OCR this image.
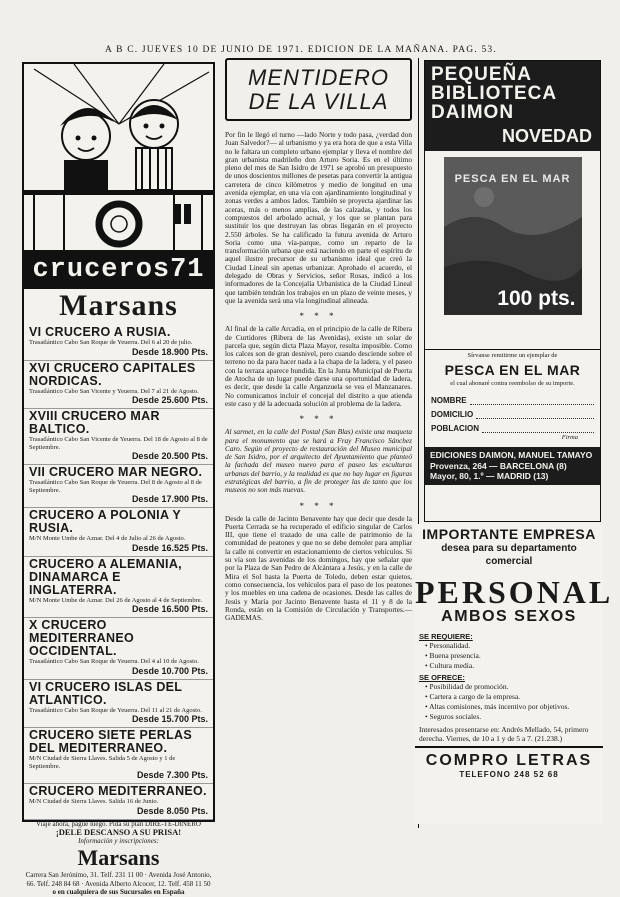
A B C. JUEVES 10 DE JUNIO DE 1971. EDICION DE LA MAÑANA. PAG. 53.
cruceros71
Marsans
VI CRUCERO A RUSIA.
Trasatlántico Cabo San Roque de Yeuerra. Del 6 al 20 de julio.
Desde 18.900 Pts.
XVI CRUCERO CAPITALES NORDICAS.
Trasatlántico Cabo San Vicente y Yeuerra. Del 7 al 21 de Agosto.
Desde 25.600 Pts.
XVIII CRUCERO MAR BALTICO.
Trasatlántico Cabo San Vicente de Yeuerra. Del 18 de Agosto al 8 de Septiembre.
Desde 20.500 Pts.
VII CRUCERO MAR NEGRO.
Trasatlántico Cabo San Roque de Yeuerra. Del 8 de Agosto al 8 de Septiembre.
Desde 17.900 Pts.
CRUCERO A POLONIA Y RUSIA.
M/N Monte Umbe de Aznar. Del 4 de Julio al 26 de Agosto.
Desde 16.525 Pts.
CRUCERO A ALEMANIA, DINAMARCA E INGLATERRA.
M/N Monte Umbe de Aznar. Del 26 de Agosto al 4 de Septiembre.
Desde 16.500 Pts.
X CRUCERO MEDITERRANEO OCCIDENTAL.
Trasatlántico Cabo San Roque de Yeuerra. Del 4 al 10 de Agosto.
Desde 10.700 Pts.
VI CRUCERO ISLAS DEL ATLANTICO.
Trasatlántico Cabo San Roque de Yeuerra. Del 11 al 21 de Agosto.
Desde 15.700 Pts.
CRUCERO SIETE PERLAS DEL MEDITERRANEO.
M/N Ciudad de Sierra Llaves. Salida 5 de Agosto y 1 de Septiembre.
Desde 7.300 Pts.
CRUCERO MEDITERRANEO.
M/N Ciudad de Sierra Llaves. Salida 16 de Junio.
Desde 8.050 Pts.
Viaje ahora, pague luego. Pida su plan DIRE-TE-DINERO
¡DELE DESCANSO A SU PRISA!
Información y inscripciones:
Marsans
Carrera San Jerónimo, 31. Telf. 231 11 00 · Avenida José Antonio, 66. Telf. 248 84 68 · Avenida Alberto Alcocer, 12. Telf. 458 11 50
o en cualquiera de sus Sucursales en España
MENTIDERO
DE LA VILLA

Por fin le llegó el turno —lado Norte y todo pasa, ¿verdad don Juan Salvedor?— al urbanismo y ya era hora de que a esta Villa no le faltara un completo urbano ejemplar y lleva el nombre del gran urbanista madrileño don Arturo Soria. Es en el último pleno del mes de San Isidro de 1971 se aprobó un presupuesto de unos doscientos millones de pesetas para convertir la antigua carretera de cinco kilómetros y medio de longitud en una avenida ejemplar, en una vía con ajardinamiento longitudinal y zonas verdes a ambos lados. También se proyecta ajardinar las aceras, más o menos amplias, de las calzadas, y todos los compuestos del arbolado actual, y los que se plantan para sustituir los que destruyan las obras llegarán en el proyecto 2.550 árboles. Se ha calificado la futura avenida de Arturo Soria como una vía-parque, como un reparto de la transformación urbana que está naciendo en parte el espíritu de aquel ilustre precursor de su urbanismo ideal que creó la Ciudad Lineal sin apenas urbanizar. Aprobado el acuerdo, el delegado de Obras y Servicios, señor Rosas, indicó a los informadores de la Concejalía Urbanística de la Ciudad Lineal que también tendrán los trabajos en un plazo de veinte meses, y que la avenida será una vía longitudinal alineada.

* * *

Al final de la calle Arcadia, en el principio de la calle de Ribera de Curtidores (Ribera de las Avenidas), existe un solar de parcela que, según dicta Plaza Mayor, resulta imposible. Como los calces son de gran desnivel, pero cuando desciende sobre el terreno no da para hacer nada a la chapa de la ladera, y el paseo con la terraza aparece hundida. En la Junta Municipal de Puerta de Atocha de un lugar puede darse una oportunidad de ladera, es decir, que desde la calle Arganzuela se vea el Manzanares. No comunicamos incluir el concejal del distrito a que atienda este caso y dé la adecuada solución al problema de la ladera.

* * *

Al sarmet, en la calle del Postal (San Blas) existe una maqueta para el monumento que se hará a Fray Francisco Sánchez Caro. Según el proyecto de restauración del Museo municipal de San Isidro, por el arquitecto del Ayuntamiento que planteó la fachada del museo nuevo para el paseo las esculturas urbanas del barrio, y la realidad es que no hay lugar en figuras estratégicas del barrio, a fin de proteger las de tanto que los museos no son más nuevas.

* * *

Desde la calle de Jacinto Benavente hay que decir que desde la Puerta Cerrada se ha recuperado el edificio singular de Carlos III, que tiene el trazado de una calle de patrimonio de la comunidad de peatones y que no se debe demoler para ampliar la calle ni convertir en estacionamiento de ciertos vehículos. Si su vía son las avenidas de los domingos, hay que señalar que por la Plaza de San Pedro de Alcántara a Jesús, y en la calle de Mira el Sol hasta la Puerta de Toledo, deben estar quietos, como consecuencia, los vehículos para el paso de los peatones y los muebles en una cadena de ocasiones. Desde las calles de Jesús y María por Jacinto Benavente hasta el 11 y 8 de la Ronda, están en la Comisión de Circulación y Transportes.— GADEMAS.

PEQUEÑA
BIBLIOTECA
DAIMON
NOVEDAD
PESCA EN EL MAR
100 pts.
Sírvanse remitirme un ejemplar de
PESCA EN EL MAR
el cual abonaré contra reembolso de su importe.
NOMBRE
DOMICILIO
POBLACION
Firma
EDICIONES DAIMON, MANUEL TAMAYO
Provenza, 264 — BARCELONA (8)
Mayor, 80, 1.º — MADRID (13)
IMPORTANTE EMPRESA
desea para su departamento
comercial
PERSONAL
AMBOS SEXOS
SE REQUIERE:
• Personalidad.
• Buena presencia.
• Cultura media.
SE OFRECE:
• Posibilidad de promoción.
• Cartera a cargo de la empresa.
• Altas comisiones, más incentivo por objetivos.
• Seguros sociales.
Interesados presentarse en: Andrés Mellado, 54, primero derecha. Viernes, de 10 a 1 y de 5 a 7. (21.238.)
COMPRO LETRAS
TELEFONO 248 52 68
